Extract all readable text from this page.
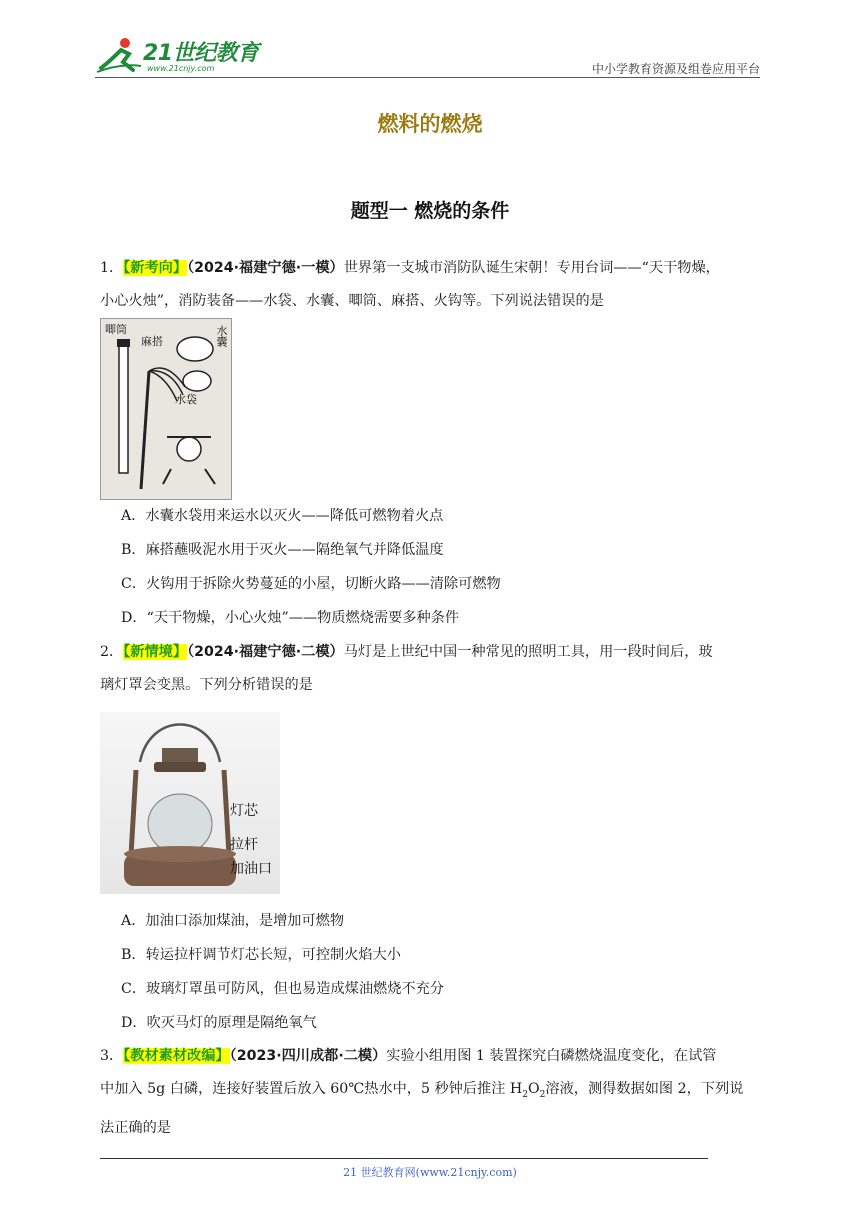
21世纪教育
www.21cnjy.com	中小学教育资源及组卷应用平台
燃料的燃烧
题型一 燃烧的条件
1．【新考向】（2024·福建宁德·一模）世界第一支城市消防队诞生宋朝！专用台词——“天干物燥，
小心火烛”，消防装备——水袋、水囊、唧筒、麻搭、火钩等。下列说法错误的是
唧筒
麻搭	水囊
水袋
A．水囊水袋用来运水以灭火——降低可燃物着火点
B．麻搭蘸吸泥水用于灭火——隔绝氧气并降低温度
C．火钩用于拆除火势蔓延的小屋，切断火路——清除可燃物
D．“天干物燥，小心火烛”——物质燃烧需要多种条件
2．【新情境】（2024·福建宁德·二模）马灯是上世纪中国一种常见的照明工具，用一段时间后，玻
璃灯罩会变黑。下列分析错误的是
灯芯
拉杆
加油口
A．加油口添加煤油，是增加可燃物
B．转运拉杆调节灯芯长短，可控制火焰大小
C．玻璃灯罩虽可防风，但也易造成煤油燃烧不充分
D．吹灭马灯的原理是隔绝氧气
3．【教材素材改编】（2023·四川成都·二模）实验小组用图 1 装置探究白磷燃烧温度变化，在试管
中加入 5g 白磷，连接好装置后放入 60℃热水中，5 秒钟后推注 $H_2O_2$溶液，测得数据如图 2，下列说
法正确的是
21 世纪教育网(www.21cnjy.com)
